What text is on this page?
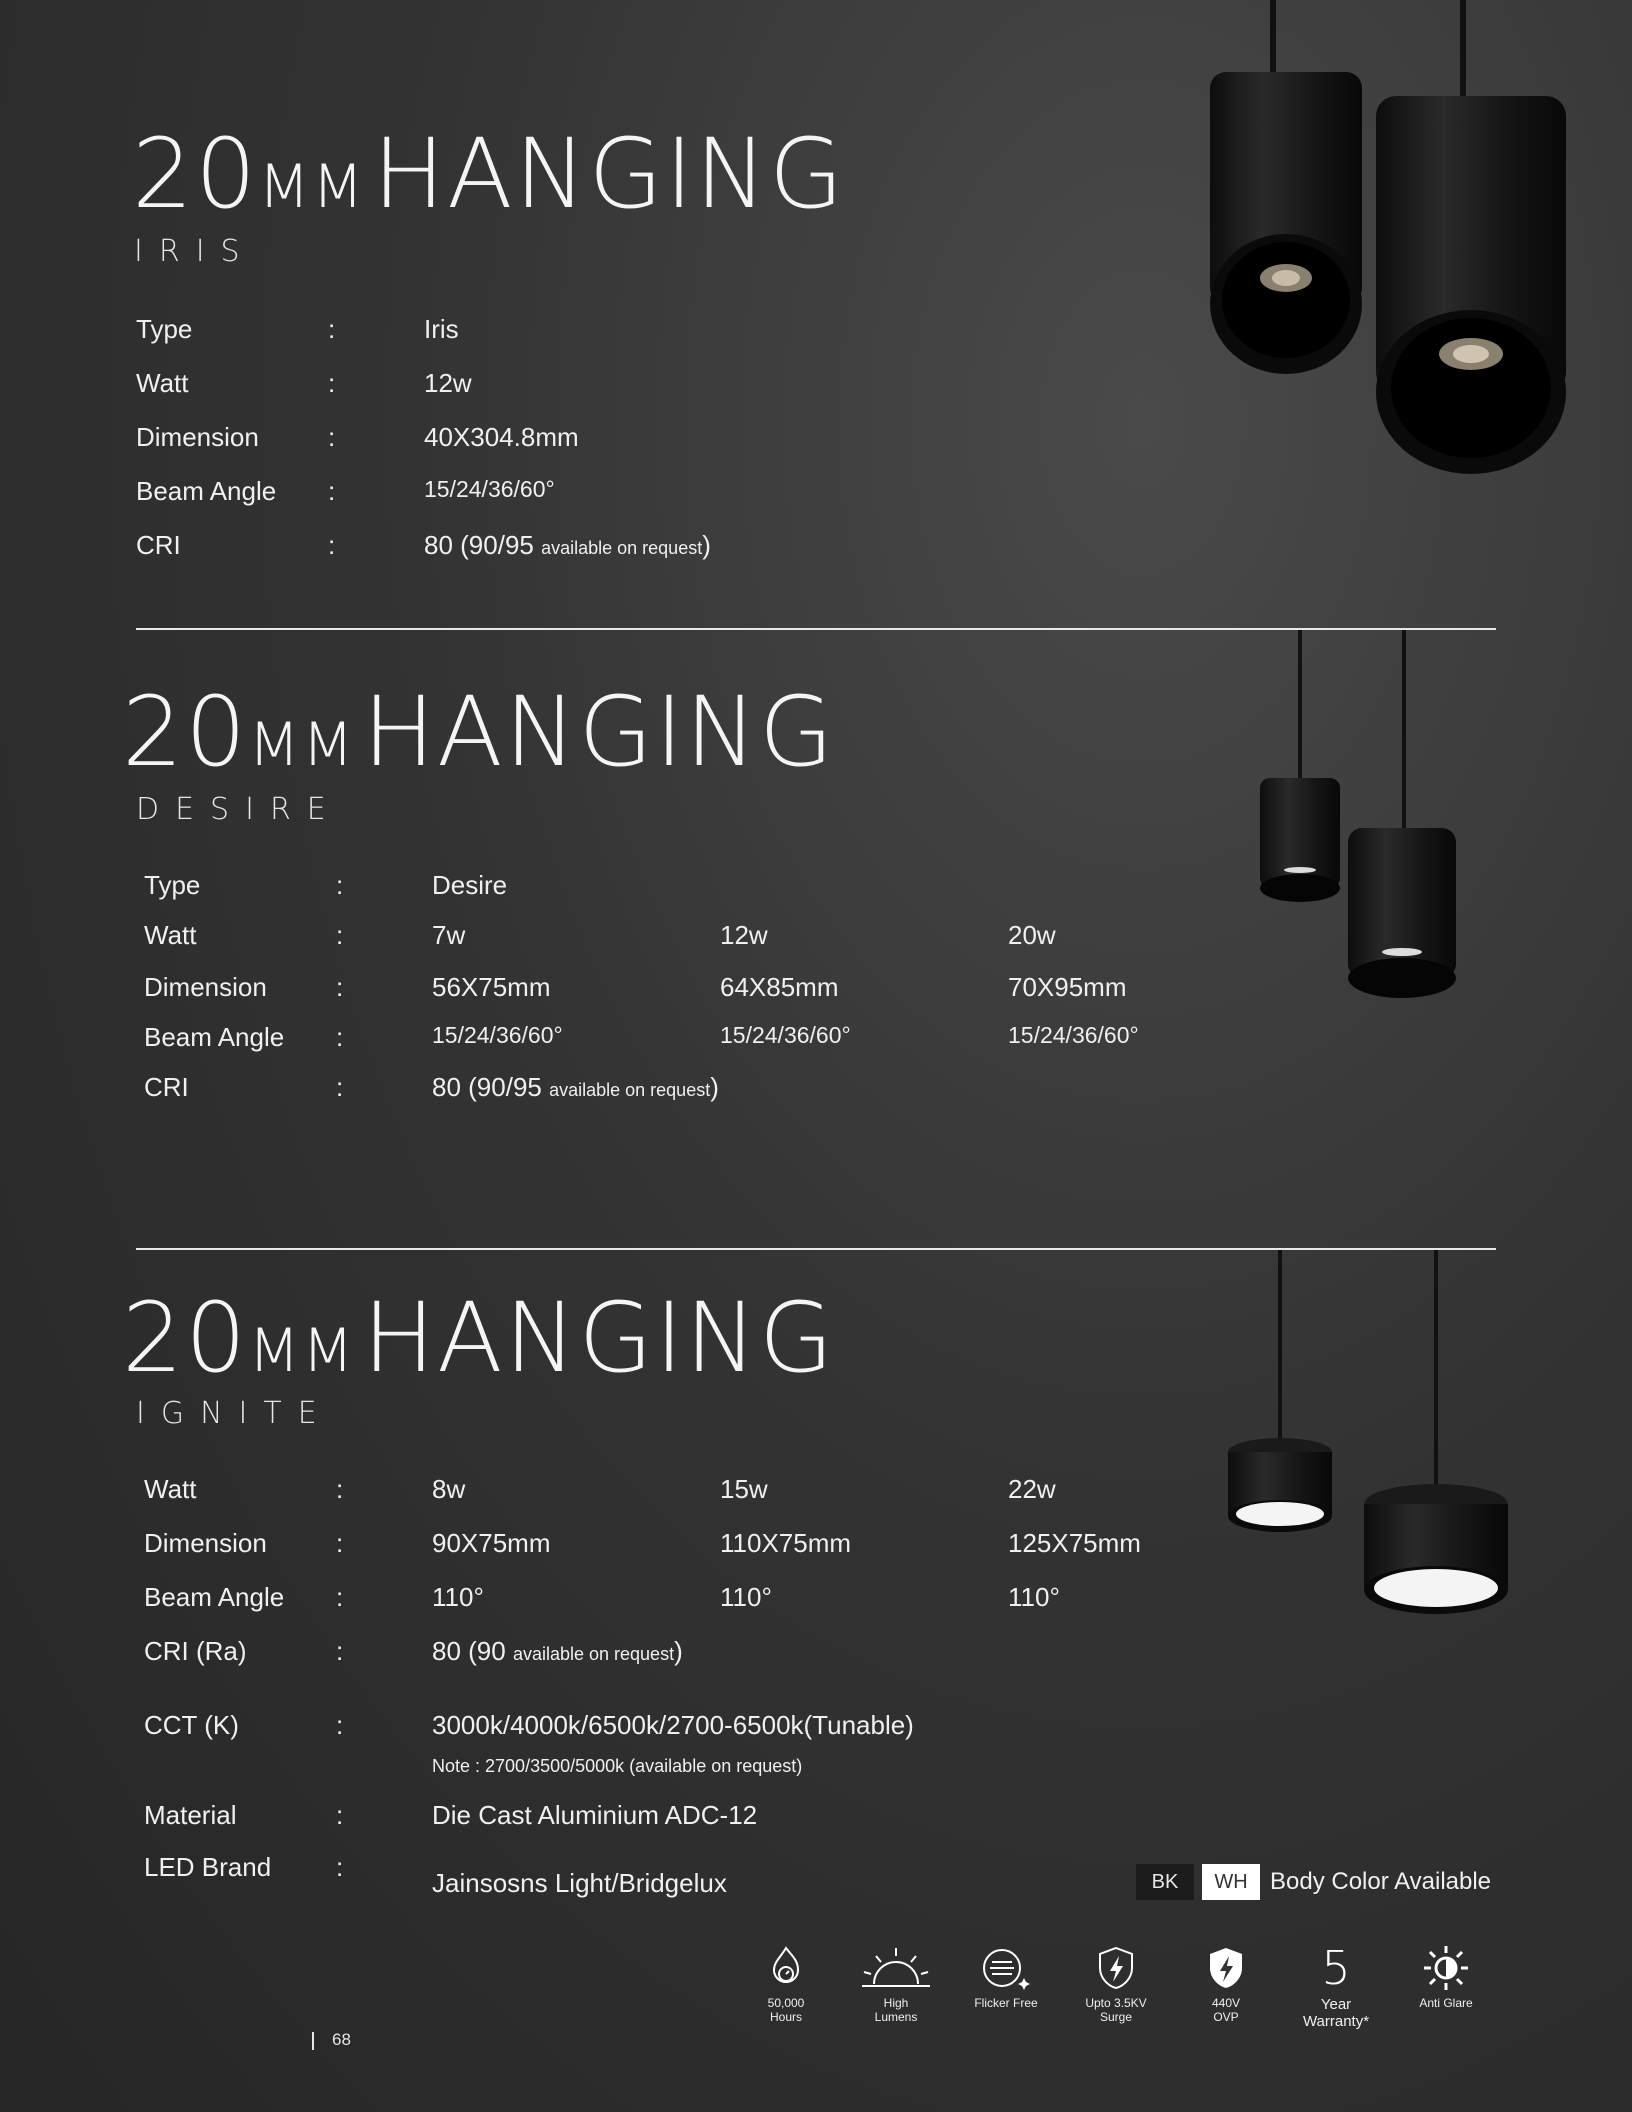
20MM HANGING
IRIS
Type	:	Iris
Watt	:	12w
Dimension	:	40X304.8mm
Beam Angle :	15/24/36/60°
CRI	:	80 (90/95 available on request)
20MM HANGING
DESIRE
Type	:	Desire
Watt	:	7w	12w	20w
Dimension	:	56X75mm	64X85mm	70X95mm
Beam Angle :	15/24/36/60°	15/24/36/60°	15/24/36/60°
CRI	:	80 (90/95 available on request)
20MM HANGING
IGNITE
Watt	:	8w	15w	22w
Dimension	:	90X75mm	110X75mm	125X75mm
Beam Angle :	110°	110°	110°
CRI (Ra)	:	80 (90 available on request)
CCT (K)	:	3000k/4000k/6500k/2700-6500k(Tunable)
Note : 2700/3500/5000k (available on request)
Material	:	Die Cast Aluminium ADC-12
LED Brand :
Jainsosns Light/Bridgelux	BK	WH Body Color Available
50,000
Hours
High
Lumens
Flicker Free	Upto 3.5KV
Surge
440V
OVP
5
Year
Warranty*
Anti Glare
68
